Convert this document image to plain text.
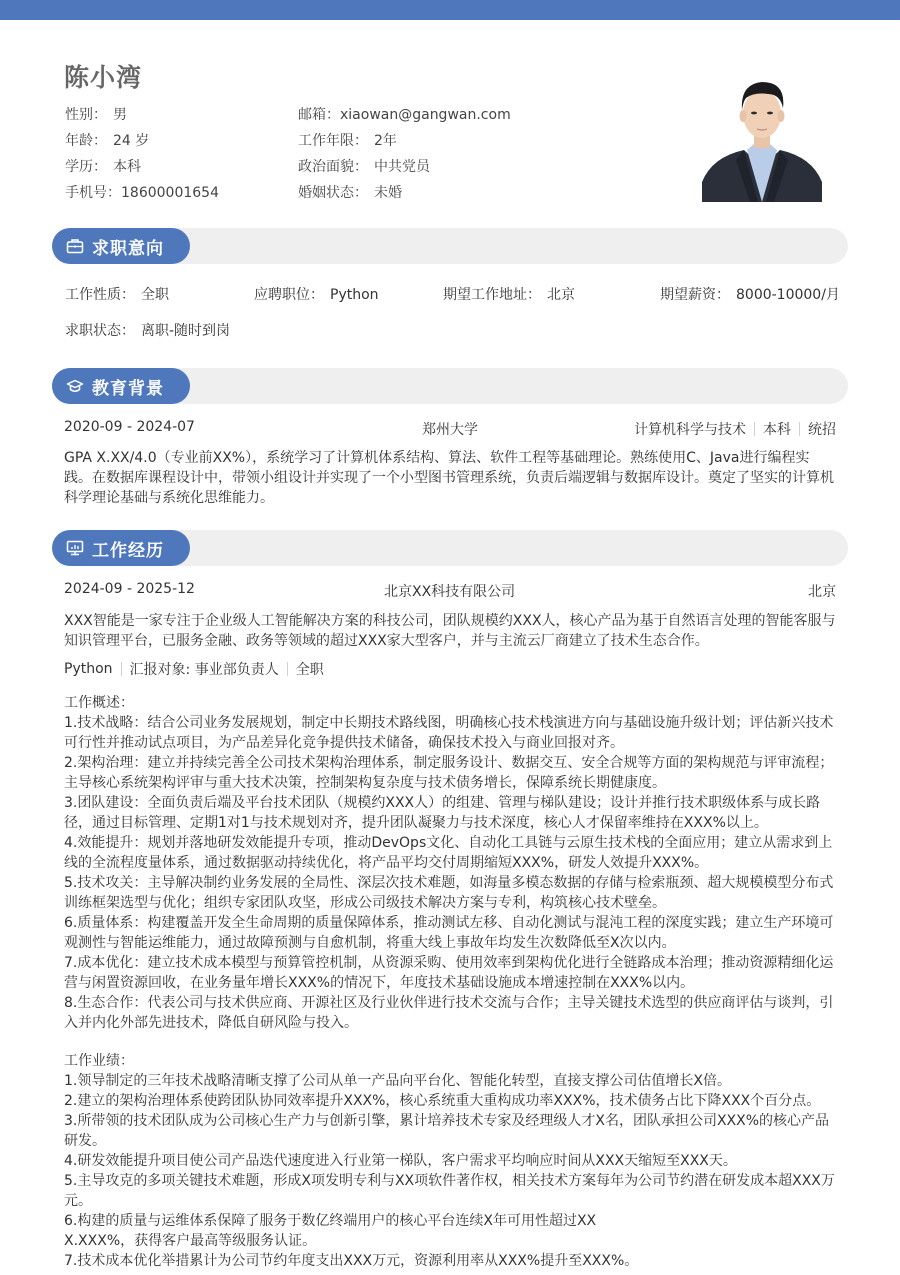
陈小湾
性别： 男
年龄： 24 岁
学历： 本科
手机号：18600001654
邮箱：xiaowan@gangwan.com
工作年限： 2年
政治面貌： 中共党员
婚姻状态： 未婚
求职意向
工作性质： 全职	应聘职位： Python	期望工作地址： 北京	期望薪资： 8000-10000/月
求职状态： 离职-随时到岗
教育背景
2020-09 - 2024-07	郑州大学	计算机科学与技术 本科 统招
GPA X.XX/4.0（专业前XX%），系统学习了计算机体系结构、算法、软件工程等基础理论。熟练使用C、Java进行编程实
践。在数据库课程设计中，带领小组设计并实现了一个小型图书管理系统，负责后端逻辑与数据库设计。奠定了坚实的计算机
科学理论基础与系统化思维能力。
工作经历
2024-09 - 2025-12	北京XX科技有限公司	北京
XXX智能是一家专注于企业级人工智能解决方案的科技公司，团队规模约XXX人，核心产品为基于自然语言处理的智能客服与
知识管理平台，已服务金融、政务等领域的超过XXX家大型客户，并与主流云厂商建立了技术生态合作。
Python 汇报对象: 事业部负责人 全职
工作概述：
1.技术战略：结合公司业务发展规划，制定中长期技术路线图，明确核心技术栈演进方向与基础设施升级计划；评估新兴技术
可行性并推动试点项目，为产品差异化竞争提供技术储备，确保技术投入与商业回报对齐。
2.架构治理：建立并持续完善全公司技术架构治理体系，制定服务设计、数据交互、安全合规等方面的架构规范与评审流程；
主导核心系统架构评审与重大技术决策，控制架构复杂度与技术债务增长，保障系统长期健康度。
3.团队建设：全面负责后端及平台技术团队（规模约XXX人）的组建、管理与梯队建设；设计并推行技术职级体系与成长路
径，通过目标管理、定期1对1与技术规划对齐，提升团队凝聚力与技术深度，核心人才保留率维持在XXX%以上。
4.效能提升：规划并落地研发效能提升专项，推动DevOps文化、自动化工具链与云原生技术栈的全面应用；建立从需求到上
线的全流程度量体系，通过数据驱动持续优化，将产品平均交付周期缩短XXX%，研发人效提升XXX%。
5.技术攻关：主导解决制约业务发展的全局性、深层次技术难题，如海量多模态数据的存储与检索瓶颈、超大规模模型分布式
训练框架选型与优化；组织专家团队攻坚，形成公司级技术解决方案与专利，构筑核心技术壁垒。
6.质量体系：构建覆盖开发全生命周期的质量保障体系，推动测试左移、自动化测试与混沌工程的深度实践；建立生产环境可
观测性与智能运维能力，通过故障预测与自愈机制，将重大线上事故年均发生次数降低至X次以内。
7.成本优化：建立技术成本模型与预算管控机制，从资源采购、使用效率到架构优化进行全链路成本治理；推动资源精细化运
营与闲置资源回收，在业务量年增长XXX%的情况下，年度技术基础设施成本增速控制在XXX%以内。
8.生态合作：代表公司与技术供应商、开源社区及行业伙伴进行技术交流与合作；主导关键技术选型的供应商评估与谈判，引
入并内化外部先进技术，降低自研风险与投入。
工作业绩：
1.领导制定的三年技术战略清晰支撑了公司从单一产品向平台化、智能化转型，直接支撑公司估值增长X倍。
2.建立的架构治理体系使跨团队协同效率提升XXX%，核心系统重大重构成功率XXX%，技术债务占比下降XXX个百分点。
3.所带领的技术团队成为公司核心生产力与创新引擎，累计培养技术专家及经理级人才X名，团队承担公司XXX%的核心产品
研发。
4.研发效能提升项目使公司产品迭代速度进入行业第一梯队，客户需求平均响应时间从XXX天缩短至XXX天。
5.主导攻克的多项关键技术难题，形成X项发明专利与XX项软件著作权，相关技术方案每年为公司节约潜在研发成本超XXX万
元。
6.构建的质量与运维体系保障了服务于数亿终端用户的核心平台连续X年可用性超过XX
X.XXX%，获得客户最高等级服务认证。
7.技术成本优化举措累计为公司节约年度支出XXX万元，资源利用率从XXX%提升至XXX%。
